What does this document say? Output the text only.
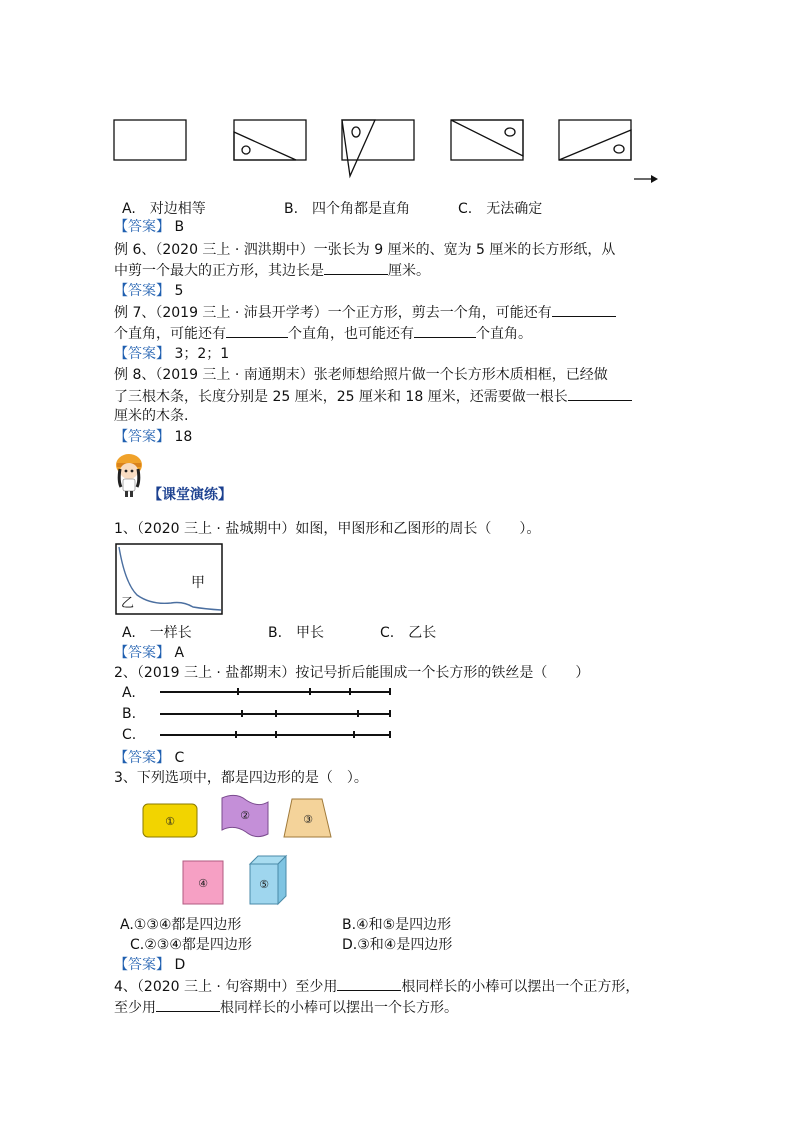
A.　对边相等	B.　四个角都是直角	C.　无法确定
【答案】 B
例 6、（2020 三上 · 泗洪期中）一张长为 9 厘米的、宽为 5 厘米的长方形纸，从
中剪一个最大的正方形，其边长是	厘米。
【答案】 5
例 7、（2019 三上 · 沛县开学考）一个正方形，剪去一个角，可能还有
个直角，可能还有	个直角，也可能还有	个直角。
【答案】 3；2；1
例 8、（2019 三上 · 南通期末）张老师想给照片做一个长方形木质相框，已经做
了三根木条，长度分别是 25 厘米，25 厘米和 18 厘米，还需要做一根长
厘米的木条.
【答案】 18
【课堂演练】
1、（2020 三上 · 盐城期中）如图，甲图形和乙图形的周长（　　）。
甲
乙
A.　一样长	B.　甲长	C.　乙长
【答案】 A
2、（2019 三上 · 盐都期末）按记号折后能围成一个长方形的铁丝是（　　）
A.
B.
C.
【答案】 C
3、下列选项中，都是四边形的是（　）。
①	②	③
④	⑤
A.①③④都是四边形	B.④和⑤是四边形
C.②③④都是四边形	D.③和④是四边形
【答案】 D
4、（2020 三上 · 句容期中）至少用	根同样长的小棒可以摆出一个正方形，
至少用	根同样长的小棒可以摆出一个长方形。
